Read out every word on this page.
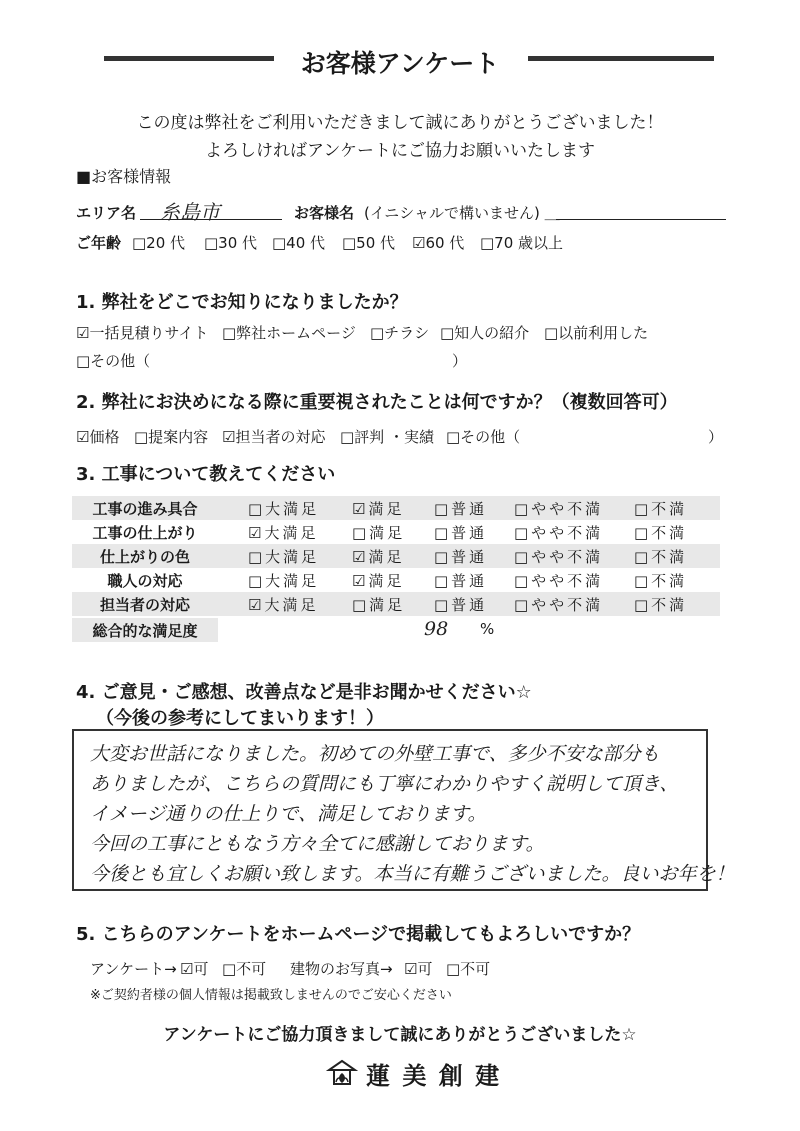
お客様アンケート
この度は弊社をご利用いただきまして誠にありがとうございました！
よろしければアンケートにご協力お願いいたします
■お客様情報
エリア名 糸島市	お客様名 (イニシャルで構いません) ＿
ご年齢 □20 代 □30 代 □40 代 □50 代 ☑60 代 □70 歳以上
1. 弊社をどこでお知りになりましたか？
☑一括見積りサイト □弊社ホームページ □チラシ □知人の紹介 □以前利用した
□その他（	）
2. 弊社にお決めになる際に重要視されたことは何ですか？（複数回答可）
☑価格 □提案内容 ☑担当者の対応 □評判 ・実績 □その他（	）
3. 工事について教えてください
工事の進み具合	□大満足 ☑満足 □普通 □やや不満 □不満
工事の仕上がり	☑大満足 □満足 □普通 □やや不満 □不満
仕上がりの色	□大満足 ☑満足 □普通 □やや不満 □不満
職人の対応	□大満足 ☑満足 □普通 □やや不満 □不満
担当者の対応	☑大満足 □満足 □普通 □やや不満 □不満
総合的な満足度	98 %
4. ご意見・ご感想、改善点など是非お聞かせください☆
（今後の参考にしてまいります！）
大変お世話になりました。初めての外壁工事で、多少不安な部分も
ありましたが、こちらの質問にも丁寧にわかりやすく説明して頂き、
イメージ通りの仕上りで、満足しております。
今回の工事にともなう方々全てに感謝しております。
今後とも宜しくお願い致します。本当に有難うございました。良いお年を！
5. こちらのアンケートをホームページで掲載してもよろしいですか？
アンケート→ ☑可 □不可 建物のお写真→ ☑可 □不可
※ご契約者様の個人情報は掲載致しませんのでご安心ください
アンケートにご協力頂きまして誠にありがとうございました☆
蓮 美 創 建
